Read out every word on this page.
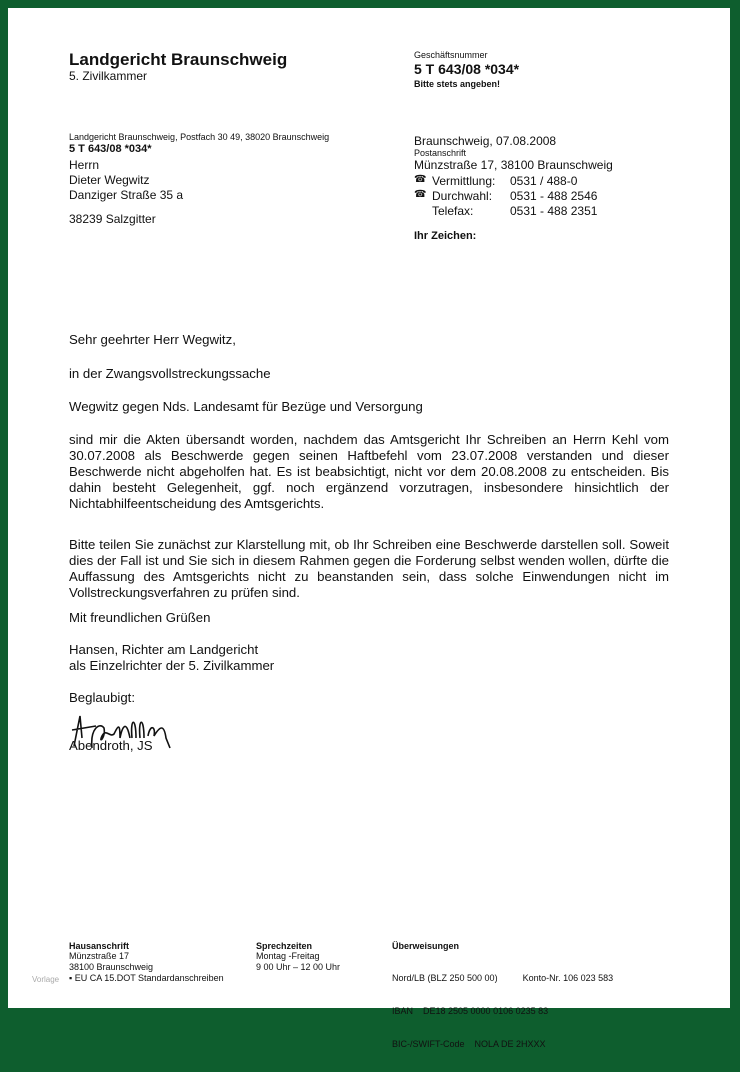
Landgericht Braunschweig
5. Zivilkammer
Geschäftsnummer
5 T 643/08 *034*
Bitte stets angeben!
Landgericht Braunschweig, Postfach 30 49, 38020 Braunschweig
5 T 643/08 *034*
Herrn
Dieter Wegwitz
Danziger Straße 35 a
38239 Salzgitter
Braunschweig, 07.08.2008
Postanschrift
Münzstraße 17, 38100 Braunschweig
☎ Vermittlung:	0531 / 488-0
☎ Durchwahl:	0531 - 488 2546
Telefax:	0531 - 488 2351
Ihr Zeichen:
Sehr geehrter Herr Wegwitz,
in der Zwangsvollstreckungssache
Wegwitz gegen Nds. Landesamt für Bezüge und Versorgung
sind mir die Akten übersandt worden, nachdem das Amtsgericht Ihr Schreiben an Herrn Kehl vom 30.07.2008 als Beschwerde gegen seinen Haftbefehl vom 23.07.2008 verstanden und dieser Beschwerde nicht abgeholfen hat. Es ist beabsichtigt, nicht vor dem 20.08.2008 zu entscheiden. Bis dahin besteht Gelegenheit, ggf. noch ergänzend vorzutragen, insbesondere hinsichtlich der Nichtabhilfeentscheidung des Amtsgerichts.
Bitte teilen Sie zunächst zur Klarstellung mit, ob Ihr Schreiben eine Beschwerde darstellen soll. Soweit dies der Fall ist und Sie sich in diesem Rahmen gegen die Forderung selbst wenden wollen, dürfte die Auffassung des Amtsgerichts nicht zu beanstanden sein, dass solche Einwendungen nicht im Vollstreckungsverfahren zu prüfen sind.
Mit freundlichen Grüßen
Hansen, Richter am Landgericht
als Einzelrichter der 5. Zivilkammer
Beglaubigt:
Abendroth, JS
Hausanschrift
Münzstraße 17
38100 Braunschweig
▪ EU CA 15.DOT Standardanschreiben
Sprechzeiten
Montag -Freitag
9 00 Uhr – 12 00 Uhr
Überweisungen

Nord/LB (BLZ 250 500 00)          Konto-Nr. 106 023 583

IBAN    DE18 2505 0000 0106 0235 83

BIC-/SWIFT-Code    NOLA DE 2HXXX

Vorlage
